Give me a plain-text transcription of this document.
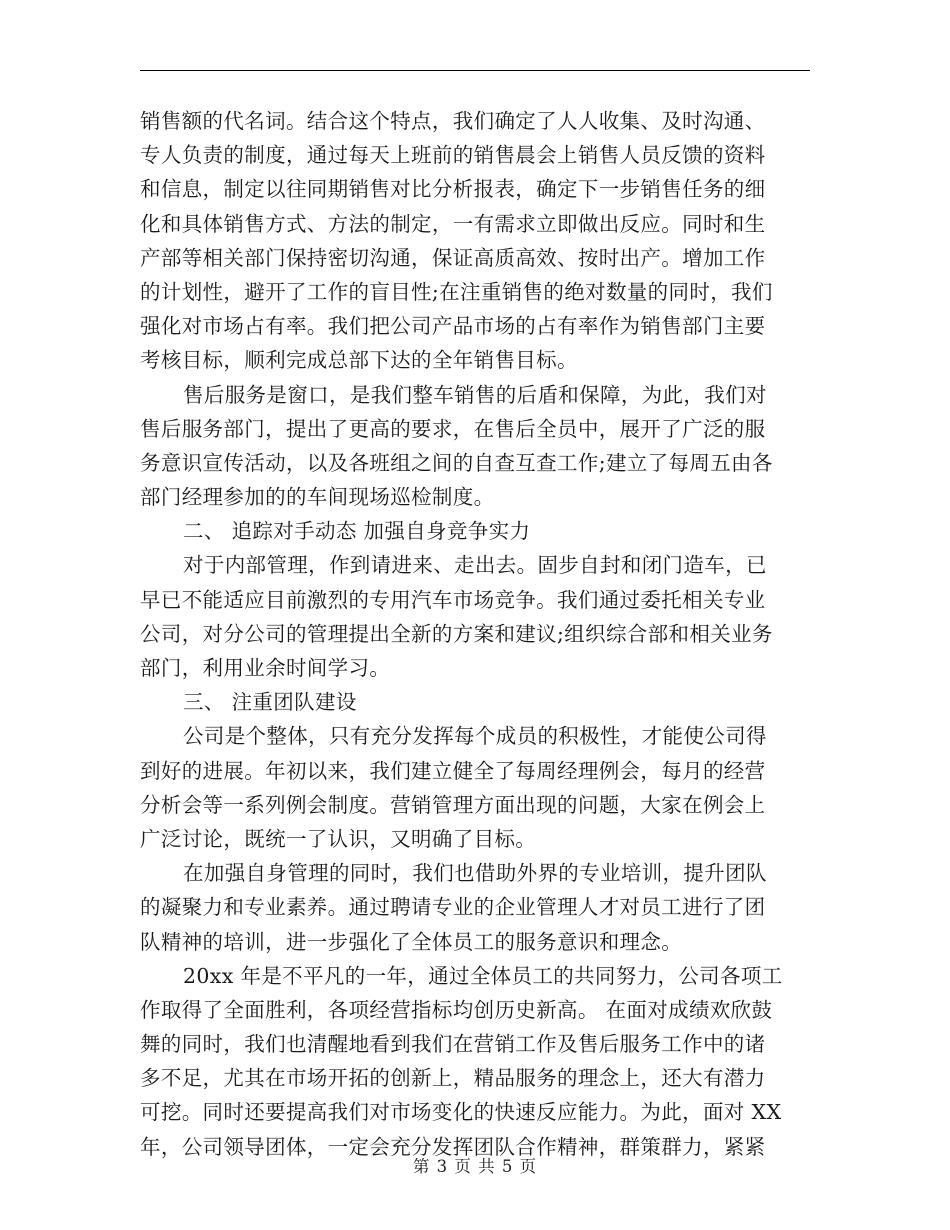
销售额的代名词。结合这个特点，我们确定了人人收集、及时沟通、
专人负责的制度，通过每天上班前的销售晨会上销售人员反馈的资料
和信息，制定以往同期销售对比分析报表，确定下一步销售任务的细
化和具体销售方式、方法的制定，一有需求立即做出反应。同时和生
产部等相关部门保持密切沟通，保证高质高效、按时出产。增加工作
的计划性，避开了工作的盲目性;在注重销售的绝对数量的同时，我们
强化对市场占有率。我们把公司产品市场的占有率作为销售部门主要
考核目标，顺利完成总部下达的全年销售目标。
售后服务是窗口，是我们整车销售的后盾和保障，为此，我们对
售后服务部门，提出了更高的要求，在售后全员中，展开了广泛的服
务意识宣传活动，以及各班组之间的自查互查工作;建立了每周五由各
部门经理参加的的车间现场巡检制度。
二、 追踪对手动态 加强自身竞争实力
对于内部管理，作到请进来、走出去。固步自封和闭门造车，已
早已不能适应目前激烈的专用汽车市场竞争。我们通过委托相关专业
公司，对分公司的管理提出全新的方案和建议;组织综合部和相关业务
部门，利用业余时间学习。
三、 注重团队建设
公司是个整体，只有充分发挥每个成员的积极性，才能使公司得
到好的进展。年初以来，我们建立健全了每周经理例会，每月的经营
分析会等一系列例会制度。营销管理方面出现的问题，大家在例会上
广泛讨论，既统一了认识，又明确了目标。
在加强自身管理的同时，我们也借助外界的专业培训，提升团队
的凝聚力和专业素养。通过聘请专业的企业管理人才对员工进行了团
队精神的培训，进一步强化了全体员工的服务意识和理念。
20xx 年是不平凡的一年，通过全体员工的共同努力，公司各项工
作取得了全面胜利，各项经营指标均创历史新高。 在面对成绩欢欣鼓
舞的同时，我们也清醒地看到我们在营销工作及售后服务工作中的诸
多不足，尤其在市场开拓的创新上，精品服务的理念上，还大有潜力
可挖。同时还要提高我们对市场变化的快速反应能力。为此，面对 XX
年，公司领导团体，一定会充分发挥团队合作精神，群策群力，紧紧
第 3 页 共 5 页
